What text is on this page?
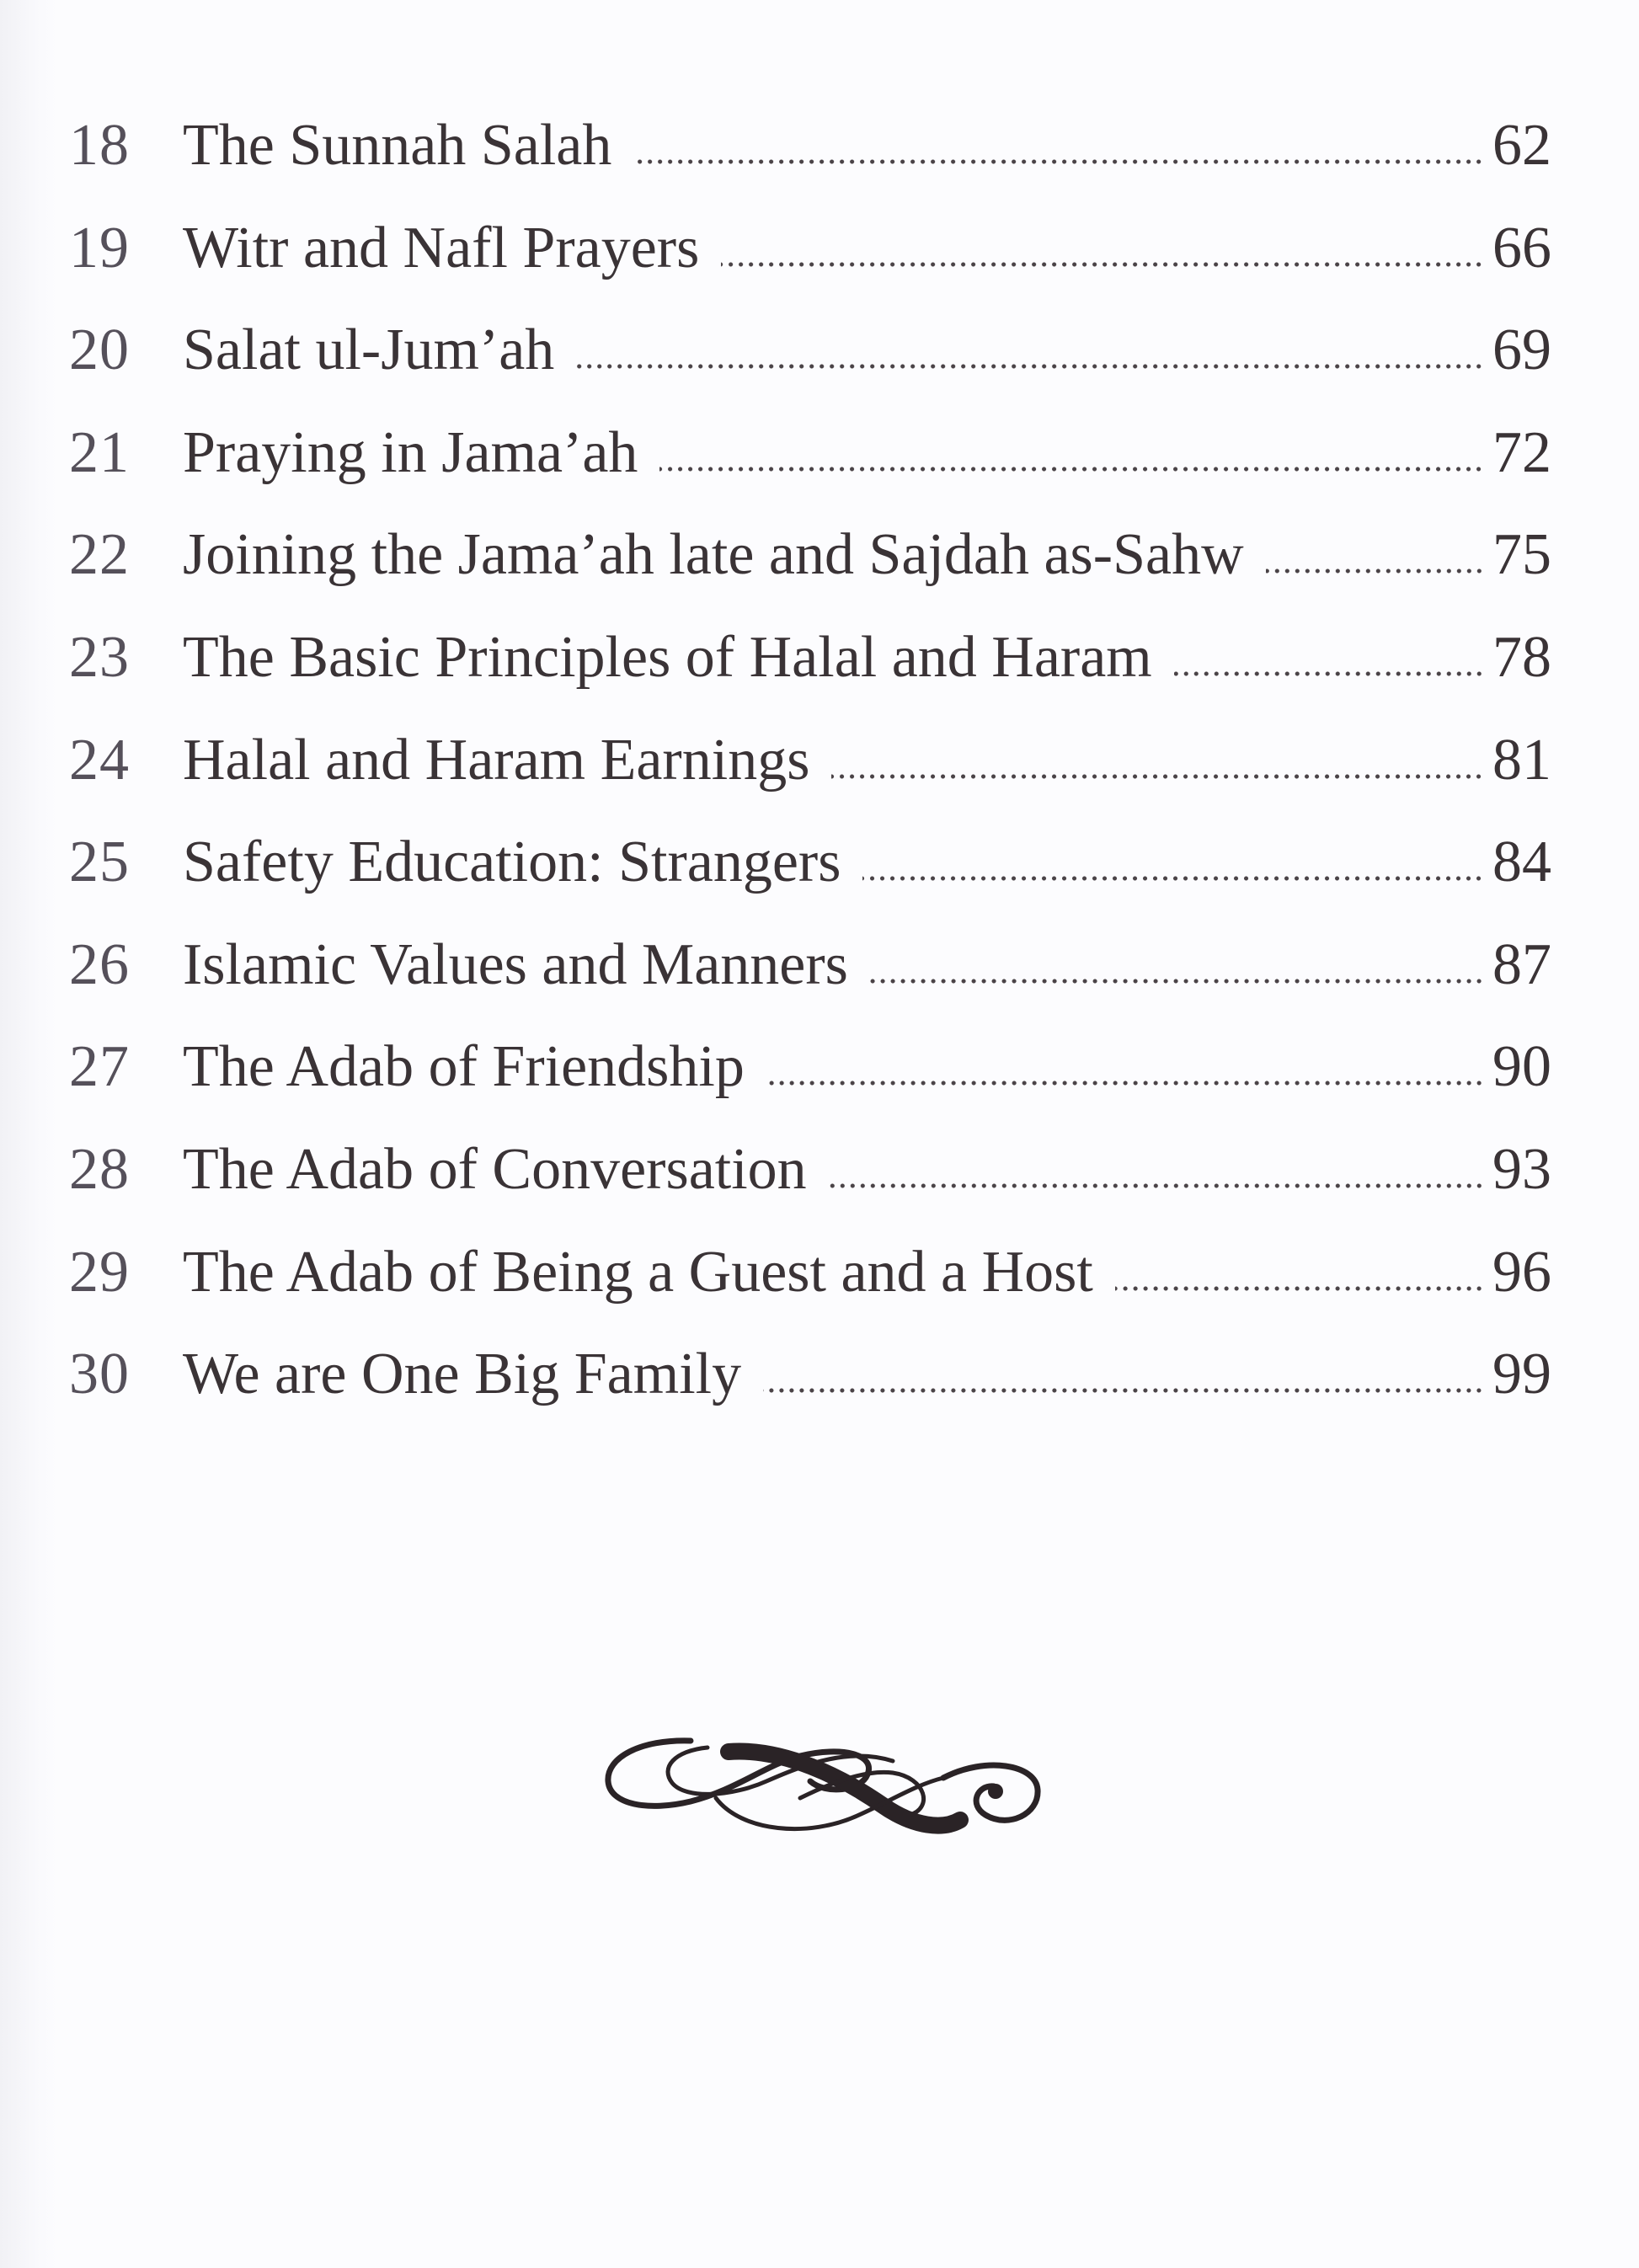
18 The Sunnah Salah	62
19 Witr and Nafl Prayers	66
20 Salat ul-Jum’ah	69
21 Praying in Jama’ah	72
22 Joining the Jama’ah late and Sajdah as-Sahw	75
23 The Basic Principles of Halal and Haram	78
24 Halal and Haram Earnings	81
25 Safety Education: Strangers	84
26 Islamic Values and Manners	87
27 The Adab of Friendship	90
28 The Adab of Conversation	93
29 The Adab of Being a Guest and a Host	96
30 We are One Big Family	99
